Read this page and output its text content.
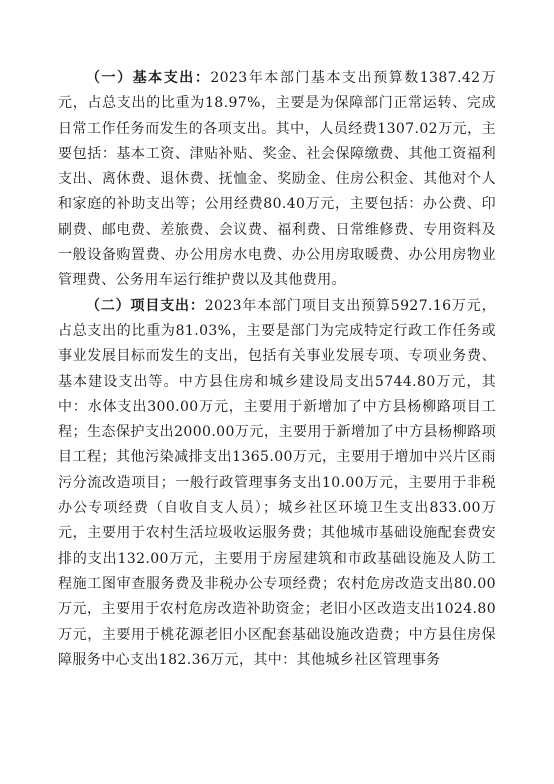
（一）基本支出：2023年本部门基本支出预算数1387.42万元，占总支出的比重为18.97%，主要是为保障部门正常运转、完成日常工作任务而发生的各项支出。其中，人员经费1307.02万元，主要包括：基本工资、津贴补贴、奖金、社会保障缴费、其他工资福利支出、离休费、退休费、抚恤金、奖励金、住房公积金、其他对个人和家庭的补助支出等；公用经费80.40万元，主要包括：办公费、印刷费、邮电费、差旅费、会议费、福利费、日常维修费、专用资料及一般设备购置费、办公用房水电费、办公用房取暖费、办公用房物业管理费、公务用车运行维护费以及其他费用。

（二）项目支出：2023年本部门项目支出预算5927.16万元，占总支出的比重为81.03%，主要是部门为完成特定行政工作任务或事业发展目标而发生的支出，包括有关事业发展专项、专项业务费、基本建设支出等。中方县住房和城乡建设局支出5744.80万元，其中：水体支出300.00万元，主要用于新增加了中方县杨柳路项目工程；生态保护支出2000.00万元，主要用于新增加了中方县杨柳路项目工程；其他污染减排支出1365.00万元，主要用于增加中兴片区雨污分流改造项目；一般行政管理事务支出10.00万元，主要用于非税办公专项经费（自收自支人员）；城乡社区环境卫生支出833.00万元，主要用于农村生活垃圾收运服务费；其他城市基础设施配套费安排的支出132.00万元，主要用于房屋建筑和市政基础设施及人防工程施工图审查服务费及非税办公专项经费；农村危房改造支出80.00万元，主要用于农村危房改造补助资金；老旧小区改造支出1024.80万元，主要用于桃花源老旧小区配套基础设施改造费；中方县住房保障服务中心支出182.36万元，其中：其他城乡社区管理事务
